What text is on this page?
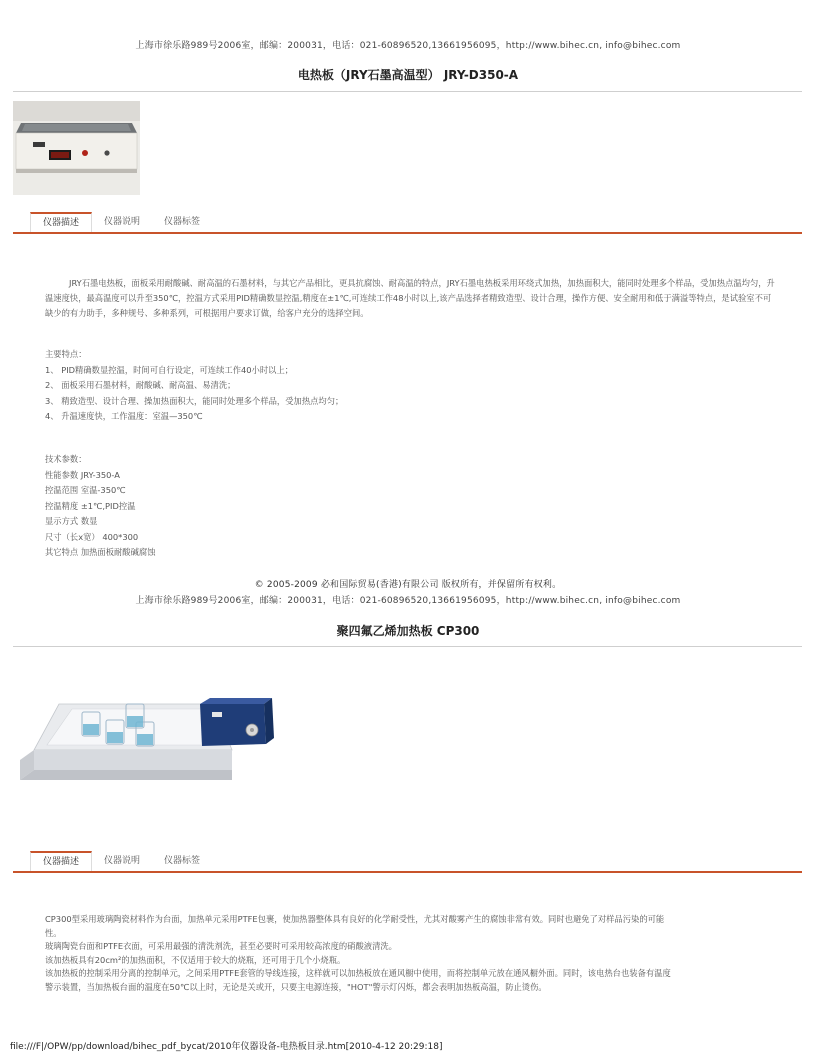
上海市徐乐路989号2006室，邮编：200031，电话：021-60896520,13661956095，http://www.bihec.cn, info@bihec.com
电热板（JRY石墨高温型） JRY-D350-A
仪器描述	仪器说明	仪器标签
JRY石墨电热板，面板采用耐酸碱、耐高温的石墨材料，与其它产品相比，更具抗腐蚀、耐高温的特点，JRY石墨电热板采用环绕式加热，加热面积大，能同时处理多个样品，受加热点温均匀，升温速度快，最高温度可以升至350℃，控温方式采用PID精确数显控温,精度在±1℃,可连续工作48小时以上,该产品选择者精致造型、设计合理，操作方便、安全耐用和低于满溢等特点，是试验室不可缺少的有力助手，多种规号、多种系列，可根据用户要求订做，给客户充分的选择空间。
主要特点：
1、 PID精确数显控温，时间可自行设定，可连续工作40小时以上；
2、 面板采用石墨材料，耐酸碱、耐高温、易清洗；
3、 精致造型、设计合理、操加热面积大，能同时处理多个样品，受加热点均匀；
4、 升温速度快，工作温度：室温—350℃
技术参数：
性能参数 JRY-350-A
控温范围 室温-350℃
控温精度 ±1℃,PID控温
显示方式 数显
尺寸（长x宽） 400*300
其它特点 加热面板耐酸碱腐蚀
© 2005-2009 必和国际贸易(香港)有限公司 版权所有，并保留所有权利。
上海市徐乐路989号2006室，邮编：200031，电话：021-60896520,13661956095，http://www.bihec.cn, info@bihec.com
聚四氟乙烯加热板 CP300
仪器描述	仪器说明	仪器标签
CP300型采用玻璃陶瓷材料作为台面，加热单元采用PTFE包裹，使加热器整体具有良好的化学耐受性，尤其对酸雾产生的腐蚀非常有效。同时也避免了对样品污染的可能
性。
玻璃陶瓷台面和PTFE衣面，可采用最强的清洗剂洗，甚至必要时可采用较高浓度的硝酸液清洗。
该加热板具有20cm²的加热面积，不仅适用于较大的烧瓶，还可用于几个小烧瓶。
该加热板的控制采用分离的控制单元，之间采用PTFE套管的导线连接，这样就可以加热板放在通风橱中使用，而将控制单元放在通风橱外面。同时，该电热台也装备有温度
警示装置，当加热板台面的温度在50℃以上时，无论是关或开，只要主电源连接，"HOT"警示灯闪烁，都会表明加热板高温，防止烫伤。
file:///F|/OPW/pp/download/bihec_pdf_bycat/2010年仪器设备-电热板目录.htm[2010-4-12 20:29:18]
